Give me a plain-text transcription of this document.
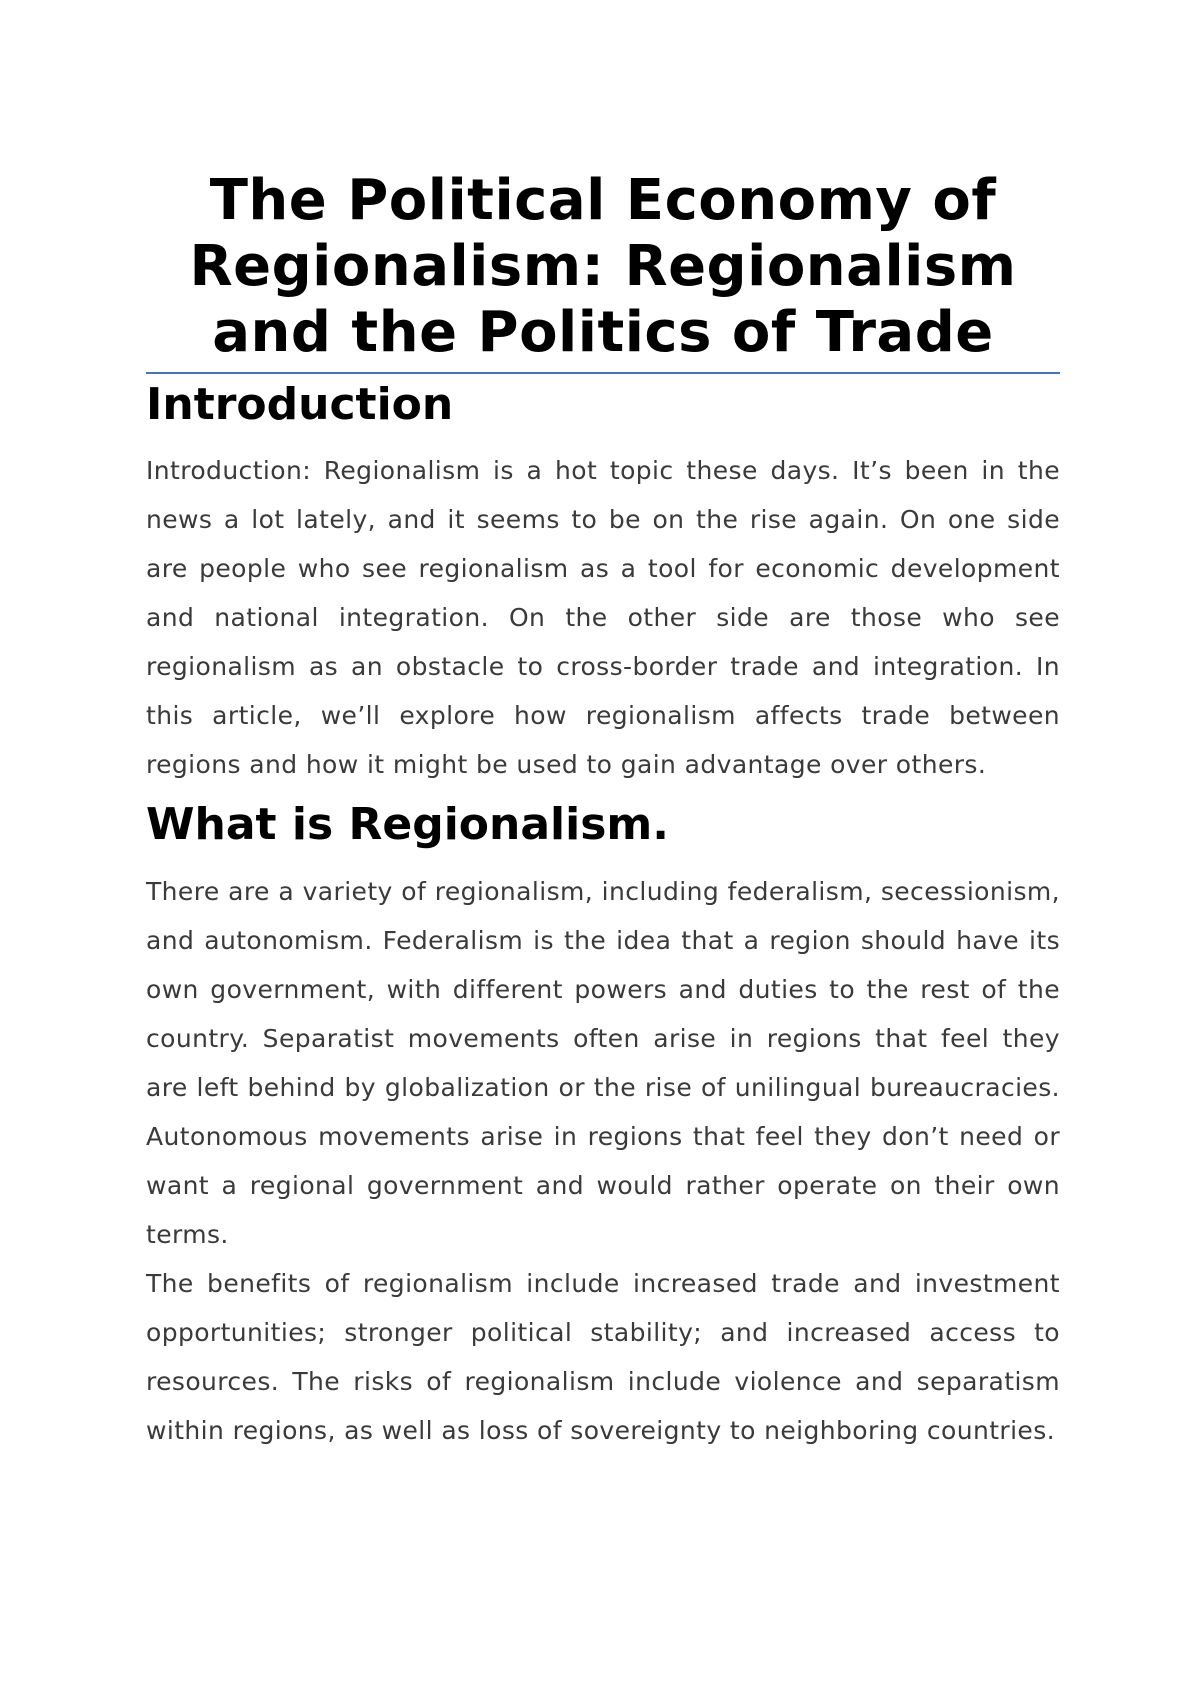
The Political Economy of Regionalism: Regionalism and the Politics of Trade
Introduction

Introduction: Regionalism is a hot topic these days. It’s been in the news a lot lately, and it seems to be on the rise again. On one side are people who see regionalism as a tool for economic development and national integration. On the other side are those who see regionalism as an obstacle to cross-border trade and integration. In this article, we’ll explore how regionalism affects trade between regions and how it might be used to gain advantage over others.

What is Regionalism.

There are a variety of regionalism, including federalism, secessionism, and autonomism. Federalism is the idea that a region should have its own government, with different powers and duties to the rest of the country. Separatist movements often arise in regions that feel they are left behind by globalization or the rise of unilingual bureaucracies. Autonomous movements arise in regions that feel they don’t need or want a regional government and would rather operate on their own terms.

The benefits of regionalism include increased trade and investment opportunities; stronger political stability; and increased access to resources. The risks of regionalism include violence and separatism within regions, as well as loss of sovereignty to neighboring countries.
